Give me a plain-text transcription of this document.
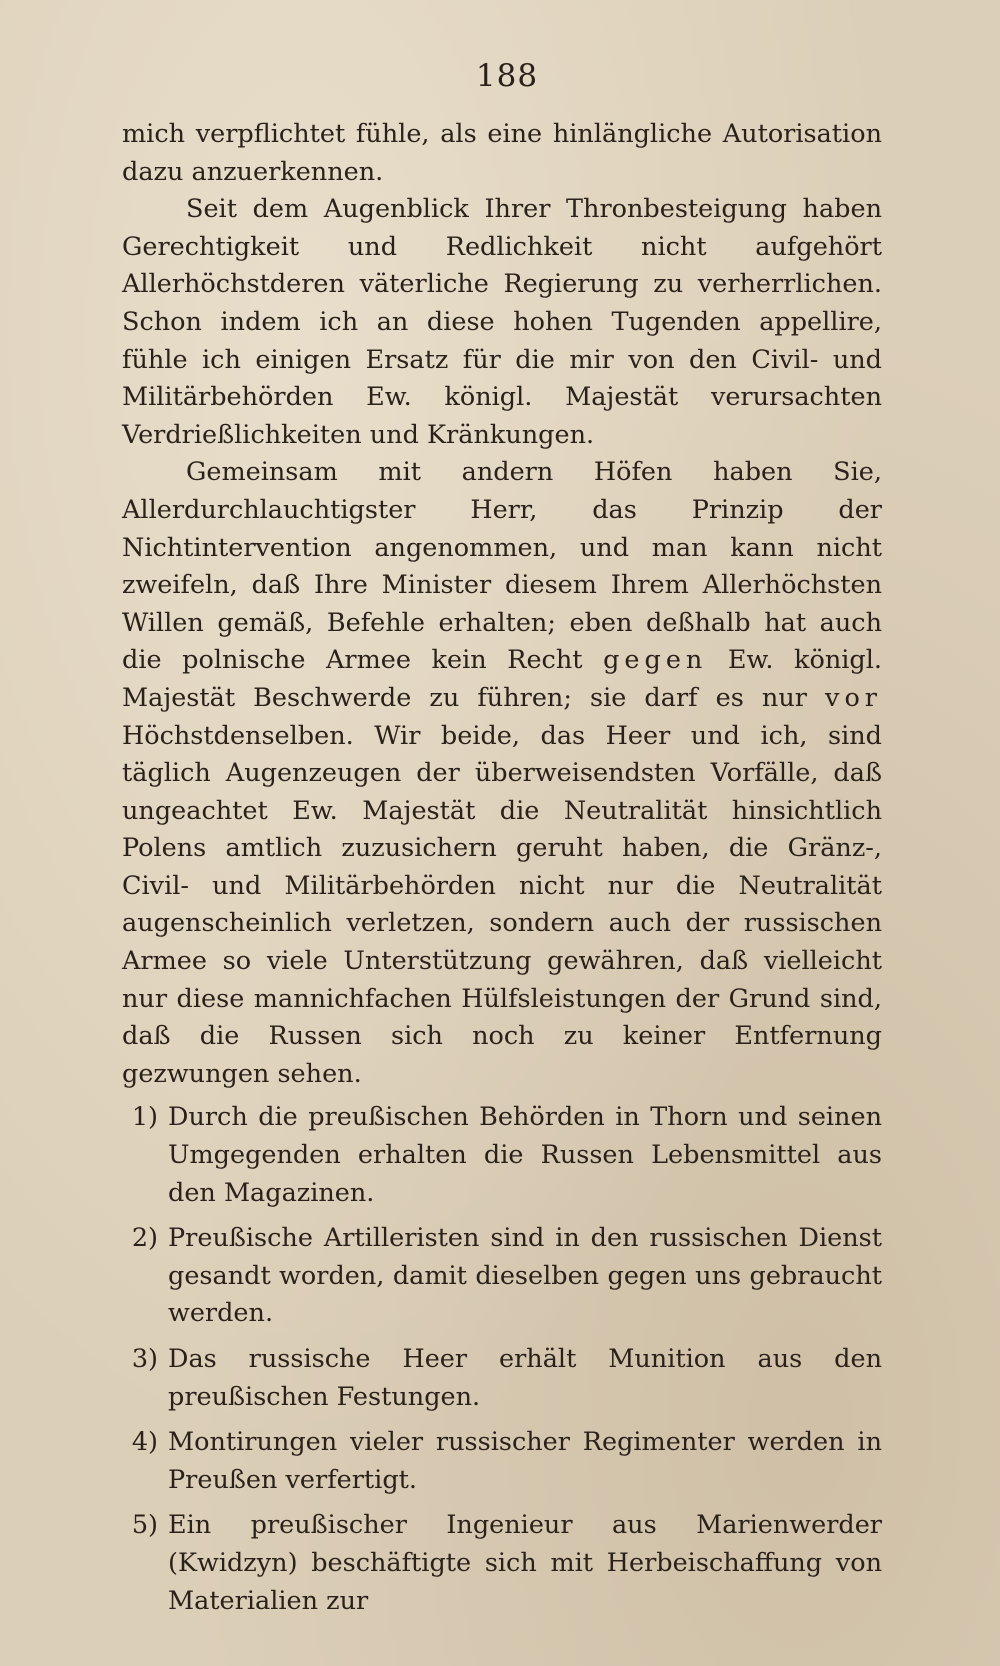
188

mich verpflichtet fühle, als eine hinlängliche Autorisation dazu anzuerkennen.

Seit dem Augenblick Ihrer Thronbesteigung haben Gerechtigkeit und Redlichkeit nicht aufgehört Allerhöchstderen väterliche Regierung zu verherrlichen. Schon indem ich an diese hohen Tugenden appellire, fühle ich einigen Ersatz für die mir von den Civil- und Militärbehörden Ew. königl. Majestät verursachten Verdrießlichkeiten und Kränkungen.

Gemeinsam mit andern Höfen haben Sie, Allerdurchlauchtigster Herr, das Prinzip der Nichtintervention angenommen, und man kann nicht zweifeln, daß Ihre Minister diesem Ihrem Allerhöchsten Willen gemäß, Befehle erhalten; eben deßhalb hat auch die polnische Armee kein Recht gegen Ew. königl. Majestät Beschwerde zu führen; sie darf es nur vor Höchstdenselben. Wir beide, das Heer und ich, sind täglich Augenzeugen der überweisendsten Vorfälle, daß ungeachtet Ew. Majestät die Neutralität hinsichtlich Polens amtlich zuzusichern geruht haben, die Gränz-, Civil- und Militärbehörden nicht nur die Neutralität augenscheinlich verletzen, sondern auch der russischen Armee so viele Unterstützung gewähren, daß vielleicht nur diese mannichfachen Hülfsleistungen der Grund sind, daß die Russen sich noch zu keiner Entfernung gezwungen sehen.

1) Durch die preußischen Behörden in Thorn und seinen Umgegenden erhalten die Russen Lebensmittel aus den Magazinen.
2) Preußische Artilleristen sind in den russischen Dienst gesandt worden, damit dieselben gegen uns gebraucht werden.
3) Das russische Heer erhält Munition aus den preußischen Festungen.
4) Montirungen vieler russischer Regimenter werden in Preußen verfertigt.
5) Ein preußischer Ingenieur aus Marienwerder (Kwidzyn) beschäftigte sich mit Herbeischaffung von Materialien zur
